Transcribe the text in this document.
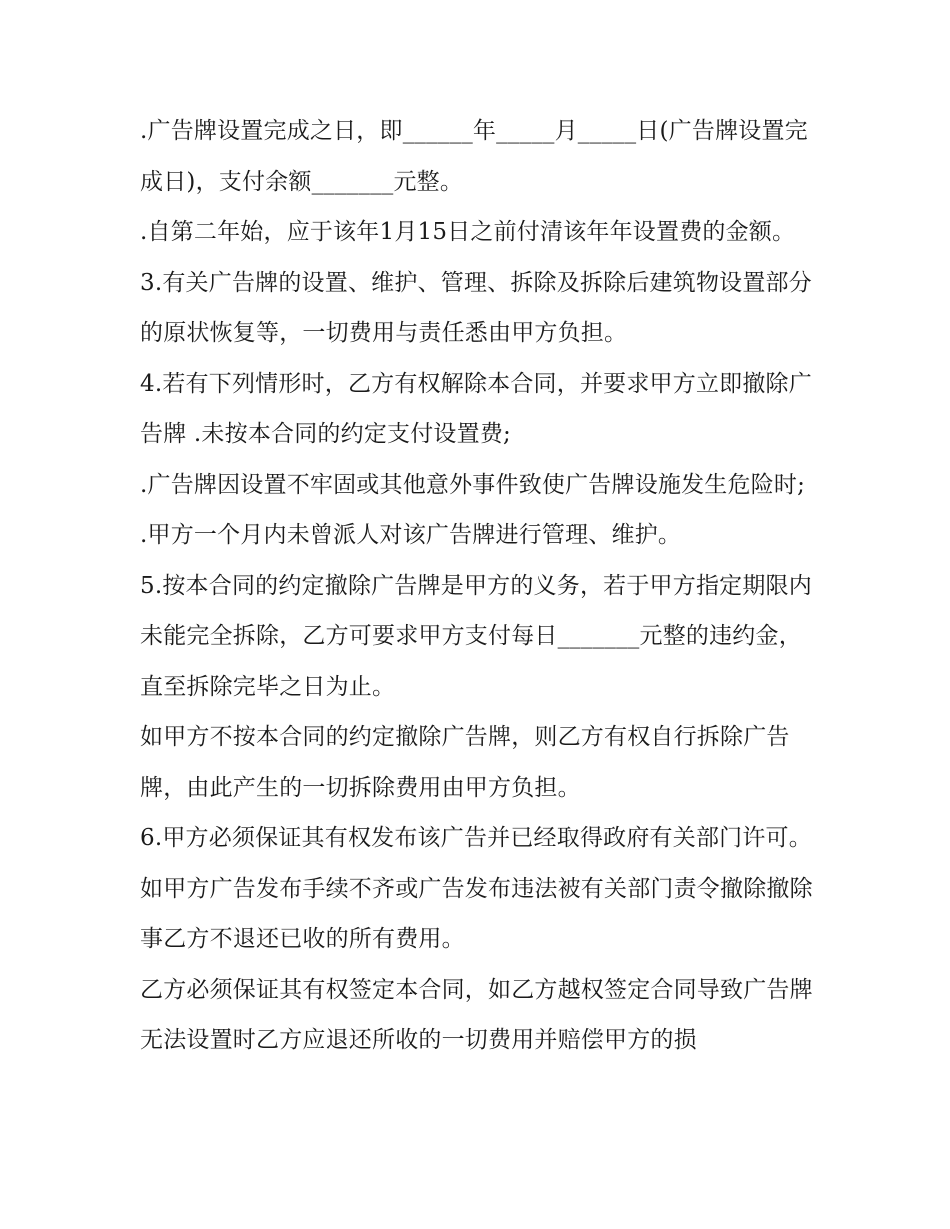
.广告牌设置完成之日，即______年_____月_____日(广告牌设置完成日)，支付余额_______元整。

.自第二年始，应于该年1月15日之前付清该年年设置费的金额。

3.有关广告牌的设置、维护、管理、拆除及拆除后建筑物设置部分的原状恢复等，一切费用与责任悉由甲方负担。

4.若有下列情形时，乙方有权解除本合同，并要求甲方立即撤除广告牌 .未按本合同的约定支付设置费;

.广告牌因设置不牢固或其他意外事件致使广告牌设施发生危险时; .甲方一个月内未曾派人对该广告牌进行管理、维护。

5.按本合同的约定撤除广告牌是甲方的义务，若于甲方指定期限内未能完全拆除，乙方可要求甲方支付每日_______元整的违约金，直至拆除完毕之日为止。

如甲方不按本合同的约定撤除广告牌，则乙方有权自行拆除广告牌，由此产生的一切拆除费用由甲方负担。

6.甲方必须保证其有权发布该广告并已经取得政府有关部门许可。如甲方广告发布手续不齐或广告发布违法被有关部门责令撤除撤除事乙方不退还已收的所有费用。

乙方必须保证其有权签定本合同，如乙方越权签定合同导致广告牌无法设置时乙方应退还所收的一切费用并赔偿甲方的损
